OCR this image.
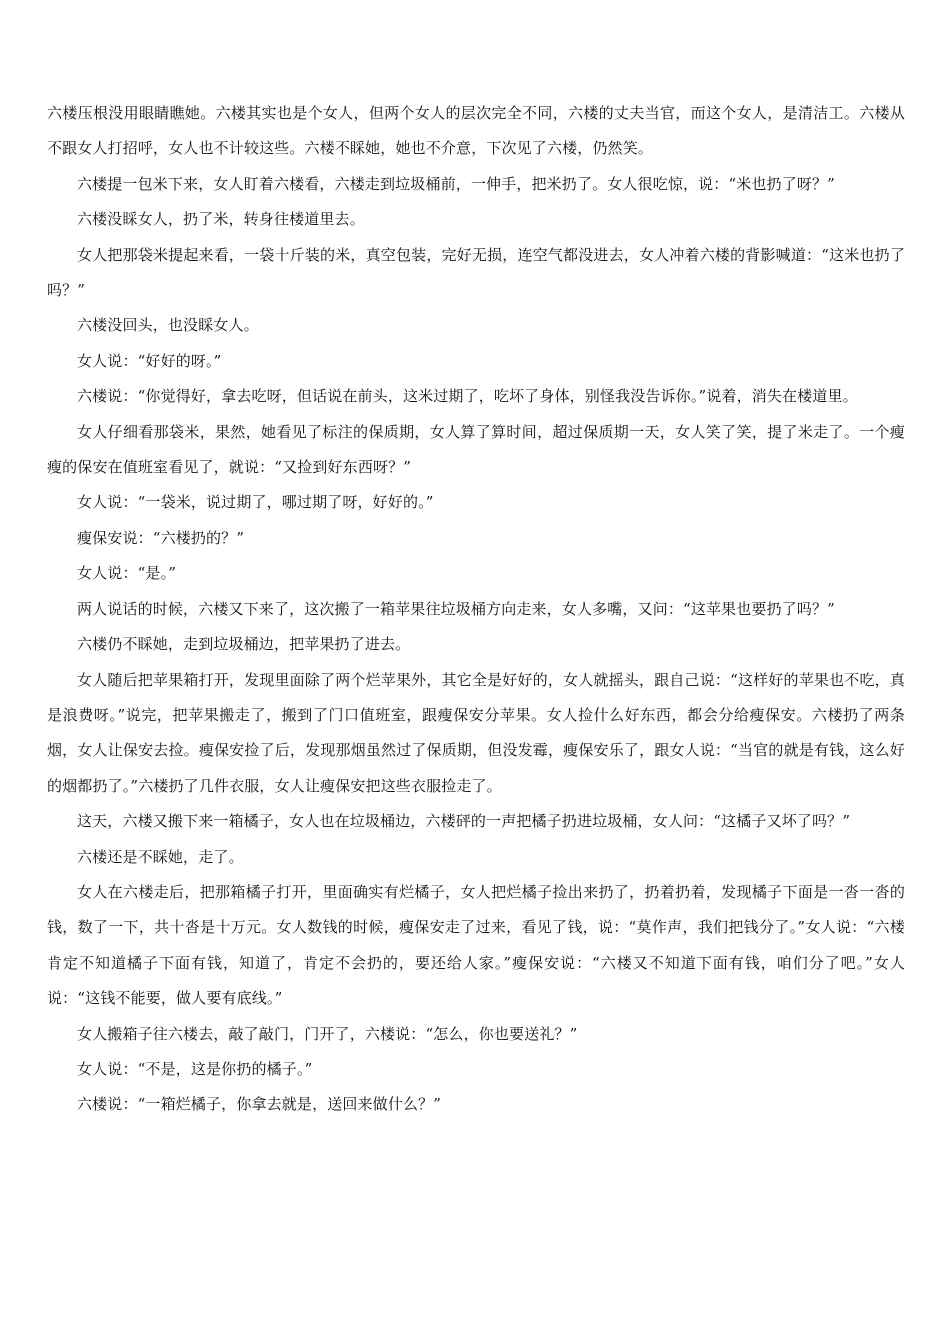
六楼压根没用眼睛瞧她。六楼其实也是个女人，但两个女人的层次完全不同，六楼的丈夫当官，而这个女人，是清洁工。六楼从不跟女人打招呼，女人也不计较这些。六楼不睬她，她也不介意，下次见了六楼，仍然笑。

六楼提一包米下来，女人盯着六楼看，六楼走到垃圾桶前，一伸手，把米扔了。女人很吃惊，说：“米也扔了呀？”

六楼没睬女人，扔了米，转身往楼道里去。

女人把那袋米提起来看，一袋十斤装的米，真空包装，完好无损，连空气都没进去，女人冲着六楼的背影喊道：“这米也扔了吗？”

六楼没回头，也没睬女人。

女人说：“好好的呀。”

六楼说：“你觉得好，拿去吃呀，但话说在前头，这米过期了，吃坏了身体，别怪我没告诉你。”说着，消失在楼道里。

女人仔细看那袋米，果然，她看见了标注的保质期，女人算了算时间，超过保质期一天，女人笑了笑，提了米走了。一个瘦瘦的保安在值班室看见了，就说：“又捡到好东西呀？”

女人说：“一袋米，说过期了，哪过期了呀，好好的。”

瘦保安说：“六楼扔的？”

女人说：“是。”

两人说话的时候，六楼又下来了，这次搬了一箱苹果往垃圾桶方向走来，女人多嘴，又问：“这苹果也要扔了吗？”

六楼仍不睬她，走到垃圾桶边，把苹果扔了进去。

女人随后把苹果箱打开，发现里面除了两个烂苹果外，其它全是好好的，女人就摇头，跟自己说：“这样好的苹果也不吃，真是浪费呀。”说完，把苹果搬走了，搬到了门口值班室，跟瘦保安分苹果。女人捡什么好东西，都会分给瘦保安。六楼扔了两条烟，女人让保安去捡。瘦保安捡了后，发现那烟虽然过了保质期，但没发霉，瘦保安乐了，跟女人说：“当官的就是有钱，这么好的烟都扔了。”六楼扔了几件衣服，女人让瘦保安把这些衣服捡走了。

这天，六楼又搬下来一箱橘子，女人也在垃圾桶边，六楼砰的一声把橘子扔进垃圾桶，女人问：“这橘子又坏了吗？”

六楼还是不睬她，走了。

女人在六楼走后，把那箱橘子打开，里面确实有烂橘子，女人把烂橘子捡出来扔了，扔着扔着，发现橘子下面是一沓一沓的钱，数了一下，共十沓是十万元。女人数钱的时候，瘦保安走了过来，看见了钱，说：“莫作声，我们把钱分了。”女人说：“六楼肯定不知道橘子下面有钱，知道了，肯定不会扔的，要还给人家。”瘦保安说：“六楼又不知道下面有钱，咱们分了吧。”女人说：“这钱不能要，做人要有底线。”

女人搬箱子往六楼去，敲了敲门，门开了，六楼说：“怎么，你也要送礼？”

女人说：“不是，这是你扔的橘子。”

六楼说：“一箱烂橘子，你拿去就是，送回来做什么？”
